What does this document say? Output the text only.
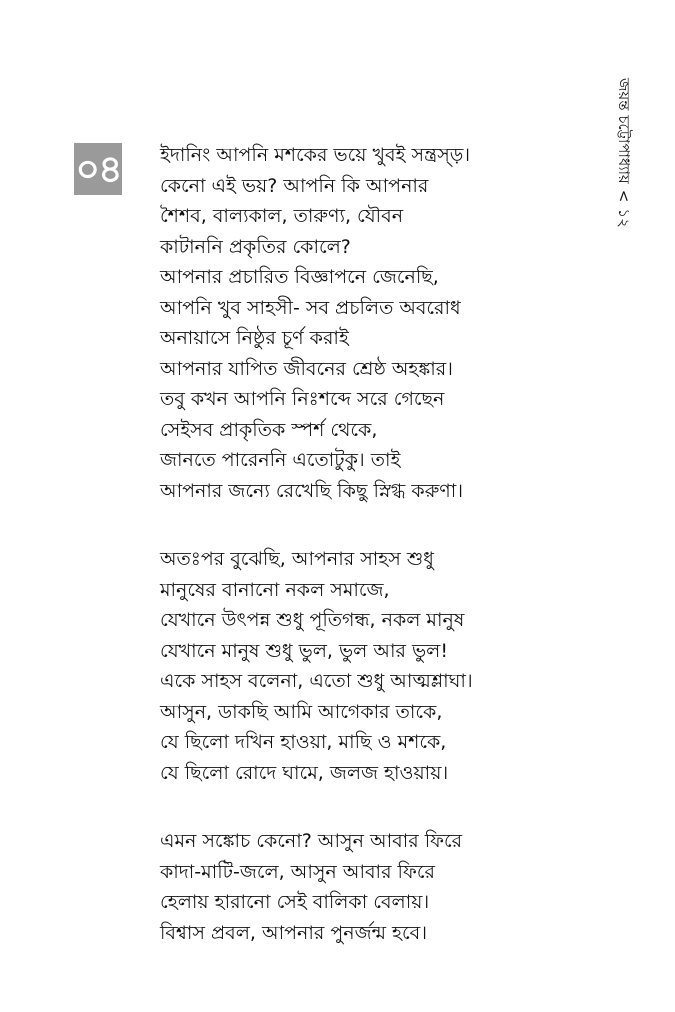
জয়ন্ত চট্টোপাধ্যায়<১২
০৪ ইদানিং আপনি মশকের ভয়ে খুবই সন্ত্রস্ড়।
কেনো এই ভয়? আপনি কি আপনার
শৈশব, বাল্যকাল, তারুণ্য, যৌবন
কাটাননি প্রকৃতির কোলে?
আপনার প্রচারিত বিজ্ঞাপনে জেনেছি,
আপনি খুব সাহসী- সব প্রচলিত অবরোধ
অনায়াসে নিষ্ঠুর চূর্ণ করাই
আপনার যাপিত জীবনের শ্রেষ্ঠ অহঙ্কার।
তবু কখন আপনি নিঃশব্দে সরে গেছেন
সেইসব প্রাকৃতিক স্পর্শ থেকে,
জানতে পারেননি এতোটুকু। তাই
আপনার জন্যে রেখেছি কিছু স্নিগ্ধ করুণা।
অতঃপর বুঝেছি, আপনার সাহস শুধু
মানুষের বানানো নকল সমাজে,
যেখানে উৎপন্ন শুধু পূতিগন্ধ, নকল মানুষ
যেখানে মানুষ শুধু ভুল, ভুল আর ভুল!
একে সাহস বলেনা, এতো শুধু আত্মশ্লাঘা।
আসুন, ডাকছি আমি আগেকার তাকে,
যে ছিলো দখিন হাওয়া, মাছি ও মশকে,
যে ছিলো রোদে ঘামে, জলজ হাওয়ায়।
এমন সঙ্কোচ কেনো? আসুন আবার ফিরে
কাদা-মাটি-জলে, আসুন আবার ফিরে
হেলায় হারানো সেই বালিকা বেলায়।
বিশ্বাস প্রবল, আপনার পুনর্জন্ম হবে।
